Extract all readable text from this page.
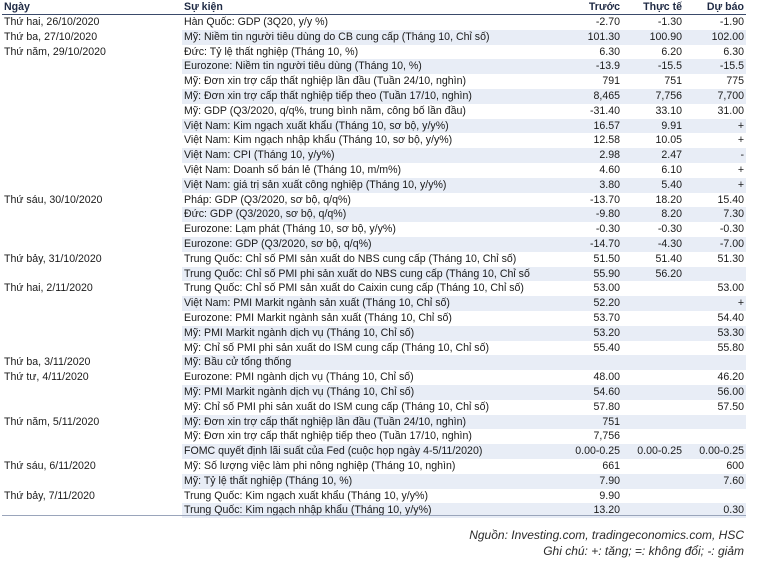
Ngày	Sự kiện	Trước	Thực tế	Dự báo
Thứ hai, 26/10/2020	Hàn Quốc: GDP (3Q20, y/y %)	-2.70	-1.30	-1.90
Thứ ba, 27/10/2020	Mỹ: Niềm tin người tiêu dùng do CB cung cấp (Tháng 10, Chỉ số)	101.30	100.90	102.00
Thứ năm, 29/10/2020	Đức: Tỷ lệ thất nghiệp (Tháng 10, %)	6.30	6.20	6.30
	Eurozone: Niềm tin người tiêu dùng (Tháng 10, %)	-13.9	-15.5	-15.5
	Mỹ: Đơn xin trợ cấp thất nghiệp lần đầu (Tuần 24/10, nghìn)	791	751	775
	Mỹ: Đơn xin trợ cấp thất nghiệp tiếp theo (Tuần 17/10, nghìn)	8,465	7,756	7,700
	Mỹ: GDP (Q3/2020, q/q%, trung bình năm, công bố lần đầu)	-31.40	33.10	31.00
	Việt Nam: Kim ngạch xuất khẩu (Tháng 10, sơ bộ, y/y%)	16.57	9.91	+
	Việt Nam: Kim ngạch nhập khẩu (Tháng 10, sơ bộ, y/y%)	12.58	10.05	+
	Việt Nam: CPI (Tháng 10, y/y%)	2.98	2.47	-
	Việt Nam: Doanh số bán lẻ (Tháng 10, m/m%)	4.60	6.10	+
	Việt Nam: giá trị sản xuất công nghiệp (Tháng 10, y/y%)	3.80	5.40	+
Thứ sáu, 30/10/2020	Pháp: GDP (Q3/2020, sơ bộ, q/q%)	-13.70	18.20	15.40
	Đức: GDP (Q3/2020, sơ bộ, q/q%)	-9.80	8.20	7.30
	Eurozone: Lạm phát (Tháng 10, sơ bộ, y/y%)	-0.30	-0.30	-0.30
	Eurozone: GDP (Q3/2020, sơ bộ, q/q%)	-14.70	-4.30	-7.00
Thứ bảy, 31/10/2020	Trung Quốc: Chỉ số PMI sản xuất do NBS cung cấp (Tháng 10, Chỉ số)	51.50	51.40	51.30
	Trung Quốc: Chỉ số PMI phi sản xuất do NBS cung cấp (Tháng 10, Chỉ số	55.90	56.20	
Thứ hai, 2/11/2020	Trung Quốc: Chỉ số PMI sản xuất do Caixin cung cấp (Tháng 10, Chỉ số)	53.00		53.00
	Việt Nam: PMI Markit ngành sản xuất (Tháng 10, Chỉ số)	52.20		+
	Eurozone: PMI Markit ngành sản xuất (Tháng 10, Chỉ số)	53.70		54.40
	Mỹ: PMI Markit ngành dịch vụ (Tháng 10, Chỉ số)	53.20		53.30
	Mỹ: Chỉ số PMI phi sản xuất do ISM cung cấp (Tháng 10, Chỉ số)	55.40		55.80
Thứ ba, 3/11/2020	Mỹ: Bầu cử tổng thống			
Thứ tư, 4/11/2020	Eurozone: PMI ngành dịch vụ (Tháng 10, Chỉ số)	48.00		46.20
	Mỹ: PMI Markit ngành dịch vụ (Tháng 10, Chỉ số)	54.60		56.00
	Mỹ: Chỉ số PMI phi sản xuất do ISM cung cấp (Tháng 10, Chỉ số)	57.80		57.50
Thứ năm, 5/11/2020	Mỹ: Đơn xin trợ cấp thất nghiệp lần đầu (Tuần 24/10, nghìn)	751		
	Mỹ: Đơn xin trợ cấp thất nghiệp tiếp theo (Tuần 17/10, nghìn)	7,756		
	FOMC quyết định lãi suất của Fed (cuộc họp ngày 4-5/11/2020)	0.00-0.25	0.00-0.25	0.00-0.25
Thứ sáu, 6/11/2020	Mỹ: Số lượng việc làm phi nông nghiệp (Tháng 10, nghìn)	661		600
	Mỹ: Tỷ lệ thất nghiệp (Tháng 10, %)	7.90		7.60
Thứ bảy, 7/11/2020	Trung Quốc: Kim ngạch xuất khẩu (Tháng 10, y/y%)	9.90		
	Trung Quốc: Kim ngạch nhập khẩu (Tháng 10, y/y%)	13.20		0.30
Nguồn: Investing.com, tradingeconomics.com, HSC
Ghi chú: +: tăng; =: không đổi; -: giảm
